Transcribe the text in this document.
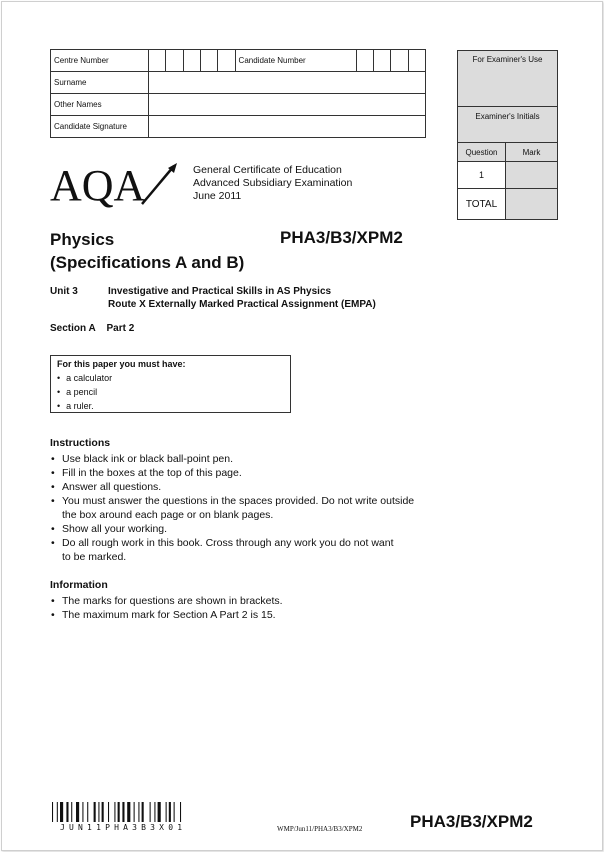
Centre Number						Candidate Number				
Surname										
Other Names										
Candidate Signature										
For Examiner's Use
Examiner's Initials
Question	Mark
1
TOTAL
AQA	General Certificate of Education
Advanced Subsidiary Examination
June 2011
Physics
(Specifications A and B)
PHA3/B3/XPM2
Unit 3	Investigative and Practical Skills in AS Physics
Route X Externally Marked Practical Assignment (EMPA)
Section A    Part 2
For this paper you must have:
• a calculator
• a pencil
• a ruler.
Instructions
• Use black ink or black ball-point pen.
• Fill in the boxes at the top of this page.
• Answer all questions.
• You must answer the questions in the spaces provided. Do not write outside
the box around each page or on blank pages.
• Show all your working.
• Do all rough work in this book. Cross through any work you do not want
to be marked.
Information
• The marks for questions are shown in brackets.
• The maximum mark for Section A Part 2 is 15.
JUN11PHA3B3X01	WMP/Jun11/PHA3/B3/XPM2	PHA3/B3/XPM2
